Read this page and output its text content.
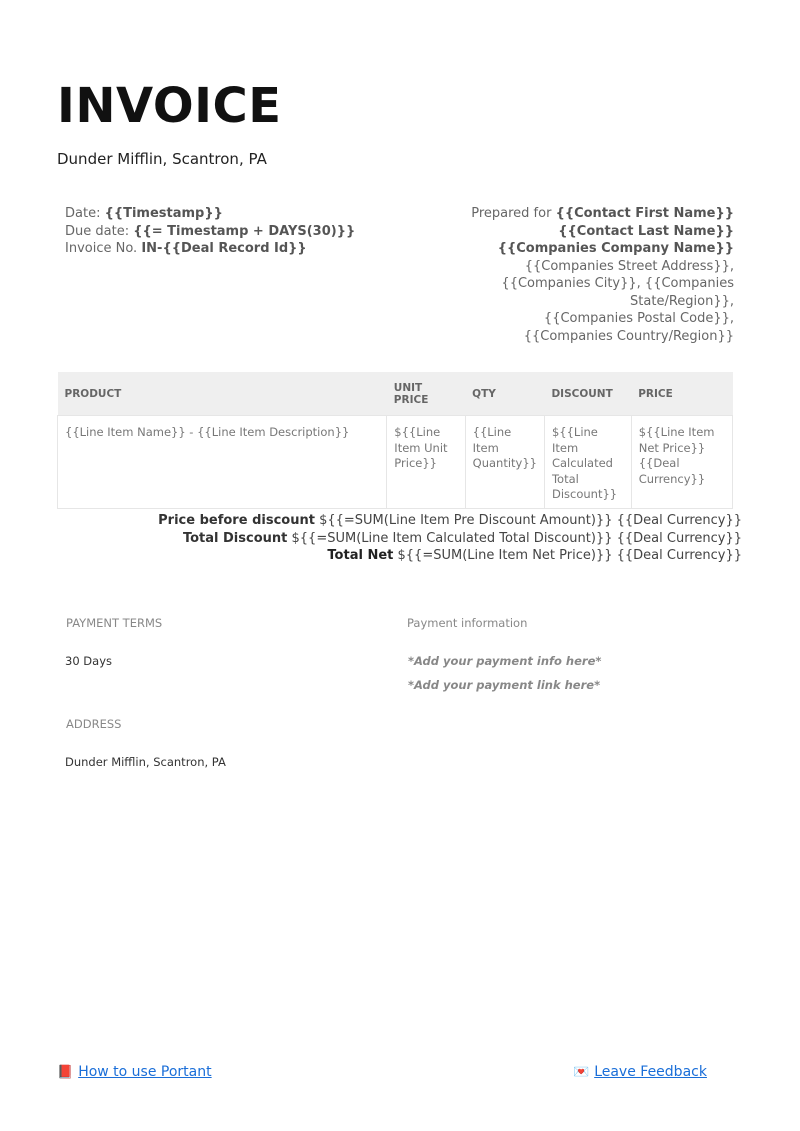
INVOICE
Dunder Mifflin, Scantron, PA
Date: {{Timestamp}}
Due date: {{= Timestamp + DAYS(30)}}
Invoice No. IN-{{Deal Record Id}}
Prepared for {{Contact First Name}} {{Contact Last Name}}
{{Companies Company Name}}
{{Companies Street Address}},
{{Companies City}}, {{Companies State/Region}},
{{Companies Postal Code}},
{{Companies Country/Region}}
PRODUCT	UNIT PRICE	QTY	DISCOUNT	PRICE
{{Line Item Name}} - {{Line Item Description}}	${{Line Item Unit Price}}	{{Line Item Quantity}}	${{Line Item Calculated Total Discount}}	${{Line Item Net Price}} {{Deal Currency}}
Price before discount ${{=SUM(Line Item Pre Discount Amount)}} {{Deal Currency}}
Total Discount ${{=SUM(Line Item Calculated Total Discount)}} {{Deal Currency}}
Total Net ${{=SUM(Line Item Net Price)}} {{Deal Currency}}
PAYMENT TERMS
30 Days
Payment information
*Add your payment info here*
*Add your payment link here*
ADDRESS
Dunder Mifflin, Scantron, PA
📕 How to use Portant	💌 Leave Feedback
